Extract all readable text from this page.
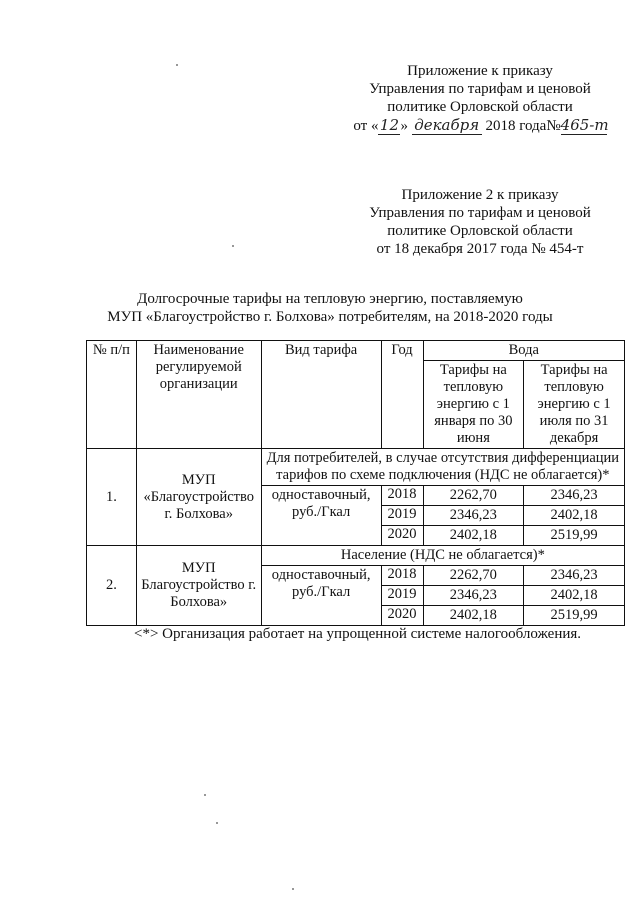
Приложение к приказу
Управления по тарифам и ценовой
политике Орловской области
от «12» декабря 2018 года№465-т
Приложение 2 к приказу
Управления по тарифам и ценовой
политике Орловской области
от 18 декабря 2017 года № 454-т
Долгосрочные тарифы на тепловую энергию, поставляемую
МУП «Благоустройство г. Болхова» потребителям, на 2018-2020 годы
№ п/п	Наименование регулируемой организации	Вид тарифа	Год	Вода	
				Тарифы на тепловую энергию с 1 января по 30 июня	Тарифы на тепловую энергию с 1 июля по 31 декабря
1.	МУП «Благоустройство г. Болхова»	Для потребителей, в случае отсутствия дифференциации тарифов по схеме подключения (НДС не облагается)*			
		одноставочный, руб./Гкал	2018	2262,70	2346,23
			2019	2346,23	2402,18
			2020	2402,18	2519,99
2.	МУП Благоустройство г. Болхова»	Население (НДС не облагается)*			
		одноставочный, руб./Гкал	2018	2262,70	2346,23
			2019	2346,23	2402,18
			2020	2402,18	2519,99
<*> Организация работает на упрощенной системе налогообложения.
